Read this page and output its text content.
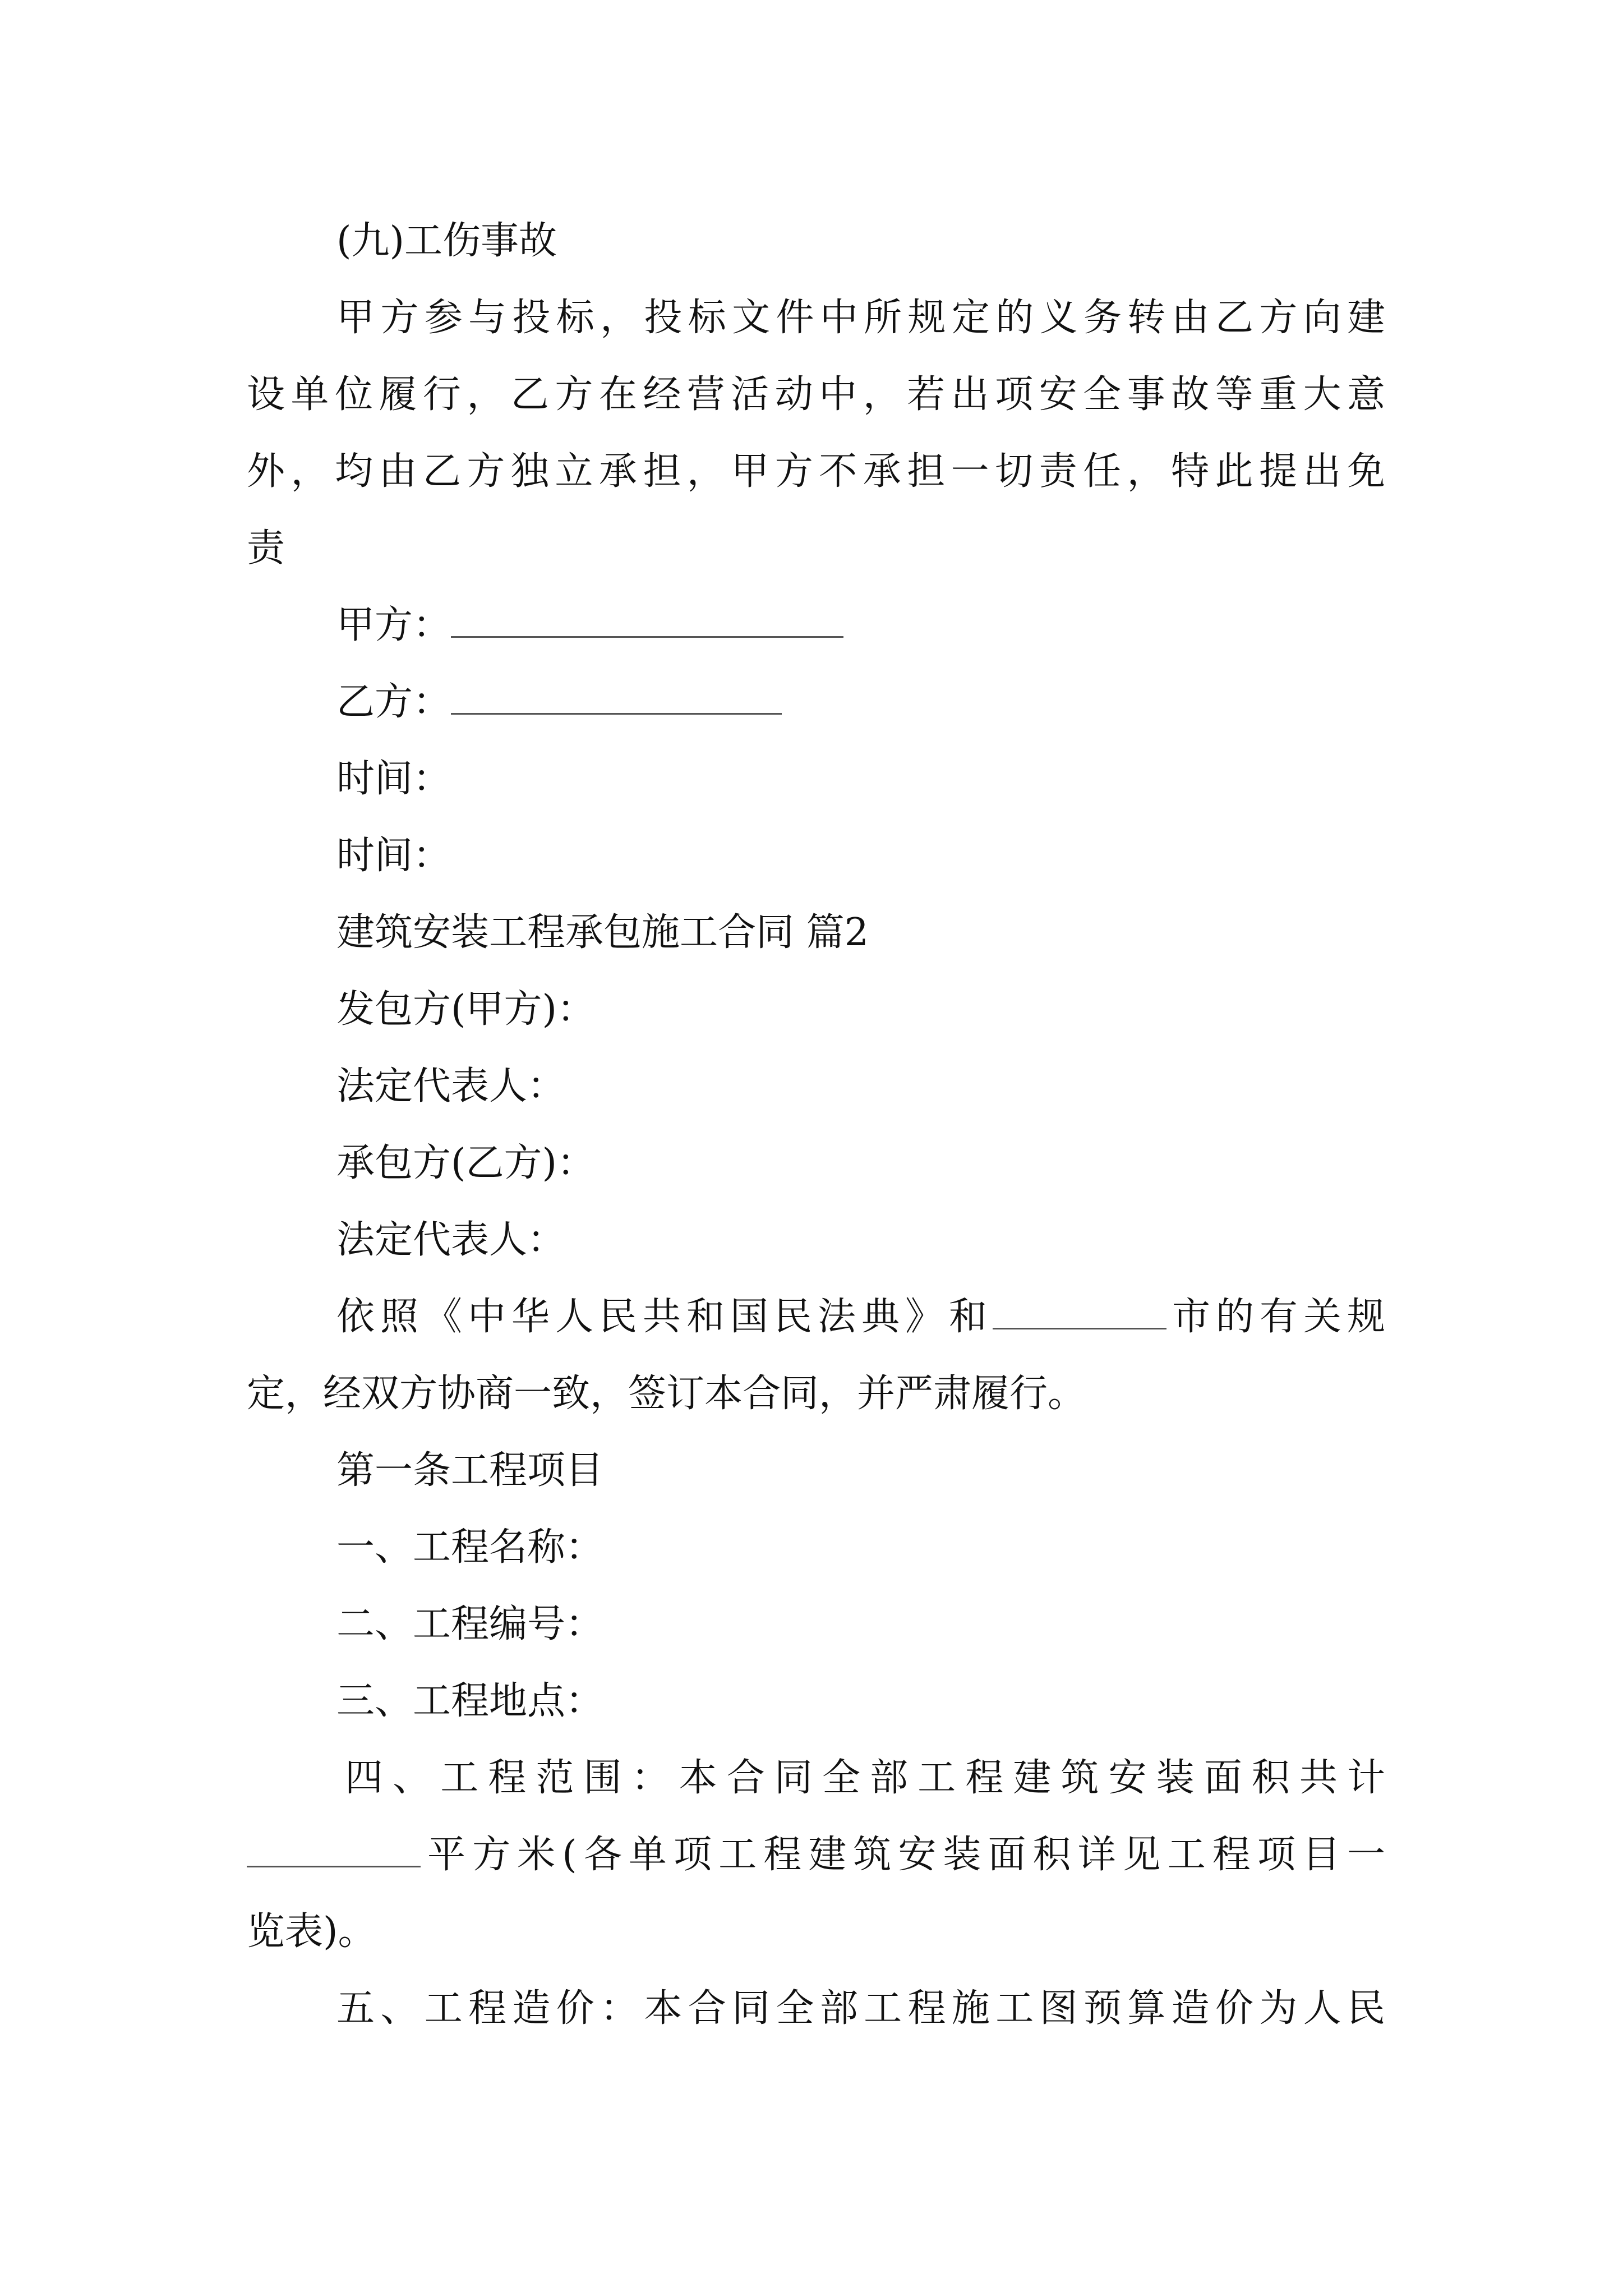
(九)工伤事故

甲方参与投标，投标文件中所规定的义务转由乙方向建

设单位履行，乙方在经营活动中，若出项安全事故等重大意

外，均由乙方独立承担，甲方不承担一切责任，特此提出免

责

甲方：

乙方：

时间：

时间：

建筑安装工程承包施工合同 篇2

发包方(甲方)：

法定代表人：

承包方(乙方)：

法定代表人：

依照《中华人民共和国民法典》和	市的有关规

定，经双方协商一致，签订本合同，并严肃履行。

第一条工程项目

一、工程名称：

二、工程编号：

三、工程地点：

四、工程范围：本合同全部工程建筑安装面积共计

平方米(各单项工程建筑安装面积详见工程项目一

览表)。

五、工程造价：本合同全部工程施工图预算造价为人民
